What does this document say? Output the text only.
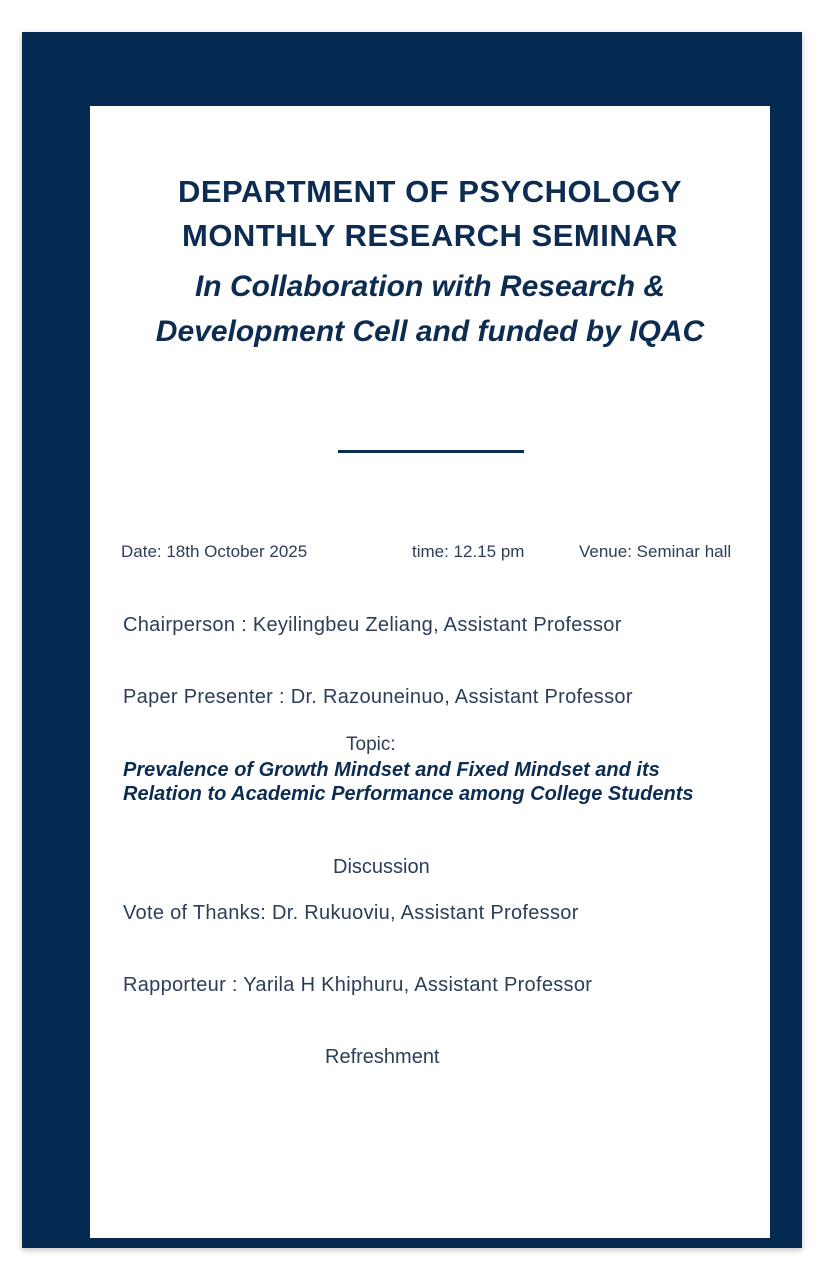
DEPARTMENT OF PSYCHOLOGY
MONTHLY RESEARCH SEMINAR

In Collaboration with Research & Development Cell and funded by IQAC

Date: 18th October 2025	time: 12.15 pm	Venue: Seminar hall
Chairperson : Keyilingbeu Zeliang, Assistant Professor
Paper Presenter : Dr. Razouneinuo, Assistant Professor
Topic:

Prevalence of Growth Mindset and Fixed Mindset and its Relation to Academic Performance among College Students

Discussion
Vote of Thanks: Dr. Rukuoviu, Assistant Professor
Rapporteur : Yarila H Khiphuru, Assistant Professor
Refreshment
